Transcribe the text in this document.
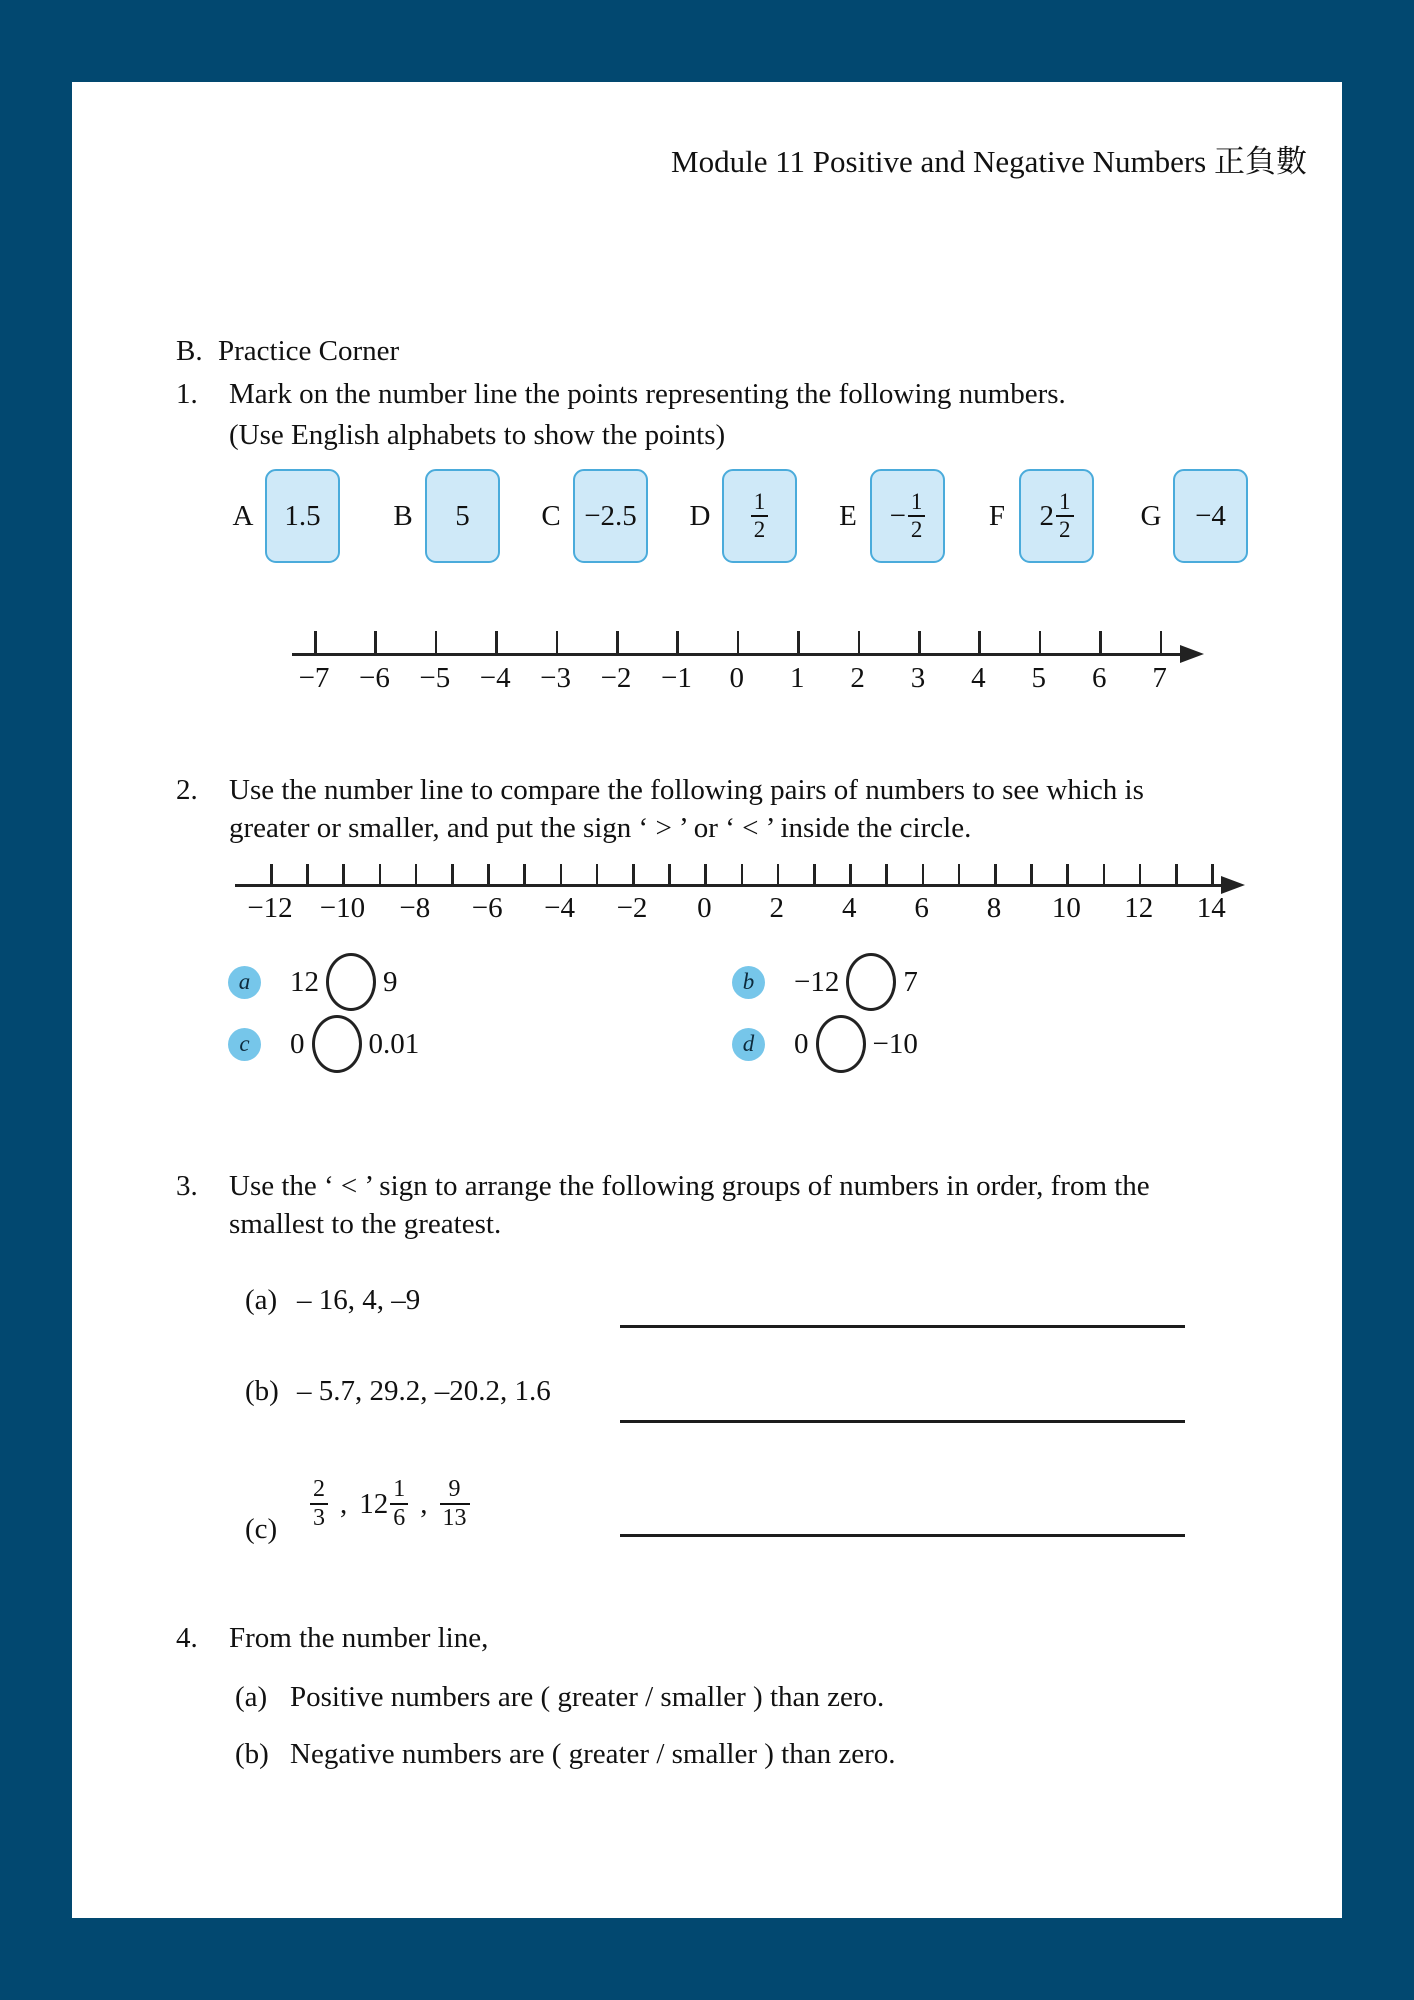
Module 11 Positive and Negative Numbers 正負數
B. Practice Corner
1.	Mark on the number line the points representing the following numbers.
(Use English alphabets to show the points)
A 1.5	B 5 C −2.5 D $\frac{1}{2}$ $E - \frac{1}{2}$ F $2 \frac{1}{2}$ G −4
−7 −6 −5 −4 −3 −2 −1 0 1 2 3 4 5 6 7
2.	Use the number line to compare the following pairs of numbers to see which is
greater or smaller, and put the sign ‘ > ’ or ‘ < ’ inside the circle.
−12 −10 −8 −6 −4 −2 0 2 4 6 8 10 12 14
a	12 9	b	−12 7
c	0 0.01	d	0 −10
3.	Use the ‘ < ’ sign to arrange the following groups of numbers in order, from the
smallest to the greatest.
(a) – 16, 4, –9
(b) – 5.7, 29.2, –20.2, 1.6
(c)	$\frac{2}{3}$ , $12 \frac{1}{6}$ , $\frac{9}{13}$
4.	From the number line,
(a) Positive numbers are ( greater / smaller ) than zero.
(b) Negative numbers are ( greater / smaller ) than zero.
